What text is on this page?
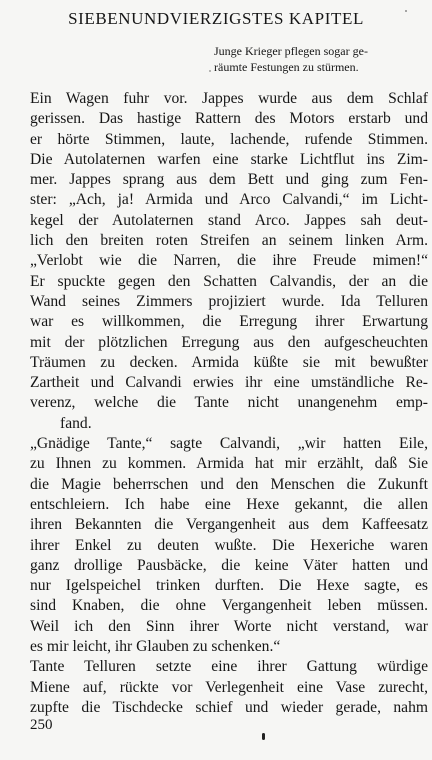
SIEBENUNDVIERZIGSTES KAPITEL
Junge Krieger pflegen sogar ge-
räumte Festungen zu stürmen.
Ein Wagen fuhr vor. Jappes wurde aus dem Schlaf
gerissen. Das hastige Rattern des Motors erstarb und
er hörte Stimmen, laute, lachende, rufende Stimmen.
Die Autolaternen warfen eine starke Lichtflut ins Zim-
mer. Jappes sprang aus dem Bett und ging zum Fen-
ster: „Ach, ja! Armida und Arco Calvandi,“ im Licht-
kegel der Autolaternen stand Arco. Jappes sah deut-
lich den breiten roten Streifen an seinem linken Arm.
„Verlobt wie die Narren, die ihre Freude mimen!“
Er spuckte gegen den Schatten Calvandis, der an die
Wand seines Zimmers projiziert wurde. Ida Telluren
war es willkommen, die Erregung ihrer Erwartung
mit der plötzlichen Erregung aus den aufgescheuchten
Träumen zu decken. Armida küßte sie mit bewußter
Zartheit und Calvandi erwies ihr eine umständliche Re-
verenz, welche die Tante nicht unangenehm emp-
fand.
„Gnädige Tante,“ sagte Calvandi, „wir hatten Eile,
zu Ihnen zu kommen. Armida hat mir erzählt, daß Sie
die Magie beherrschen und den Menschen die Zukunft
entschleiern. Ich habe eine Hexe gekannt, die allen
ihren Bekannten die Vergangenheit aus dem Kaffeesatz
ihrer Enkel zu deuten wußte. Die Hexeriche waren
ganz drollige Pausbäcke, die keine Väter hatten und
nur Igelspeichel trinken durften. Die Hexe sagte, es
sind Knaben, die ohne Vergangenheit leben müssen.
Weil ich den Sinn ihrer Worte nicht verstand, war
es mir leicht, ihr Glauben zu schenken.“
Tante Telluren setzte eine ihrer Gattung würdige
Miene auf, rückte vor Verlegenheit eine Vase zurecht,
zupfte die Tischdecke schief und wieder gerade, nahm
250
